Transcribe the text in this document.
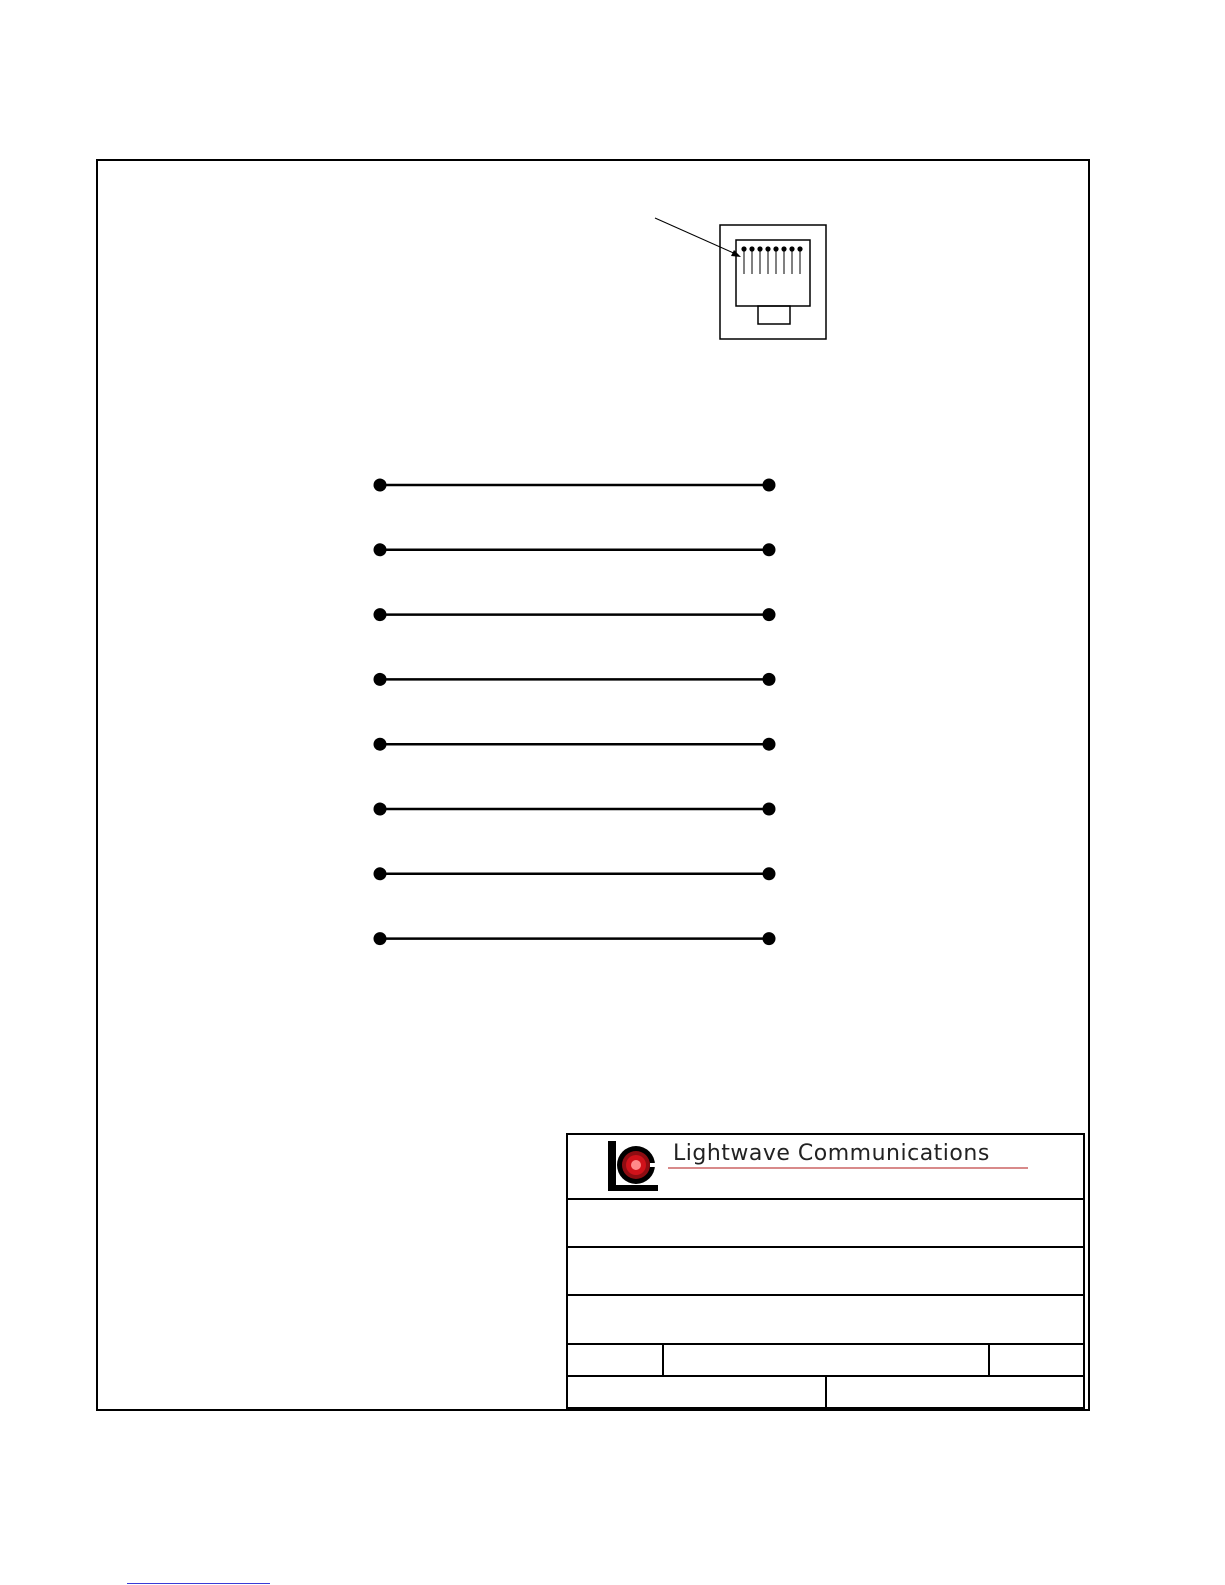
Lightwave Communications
